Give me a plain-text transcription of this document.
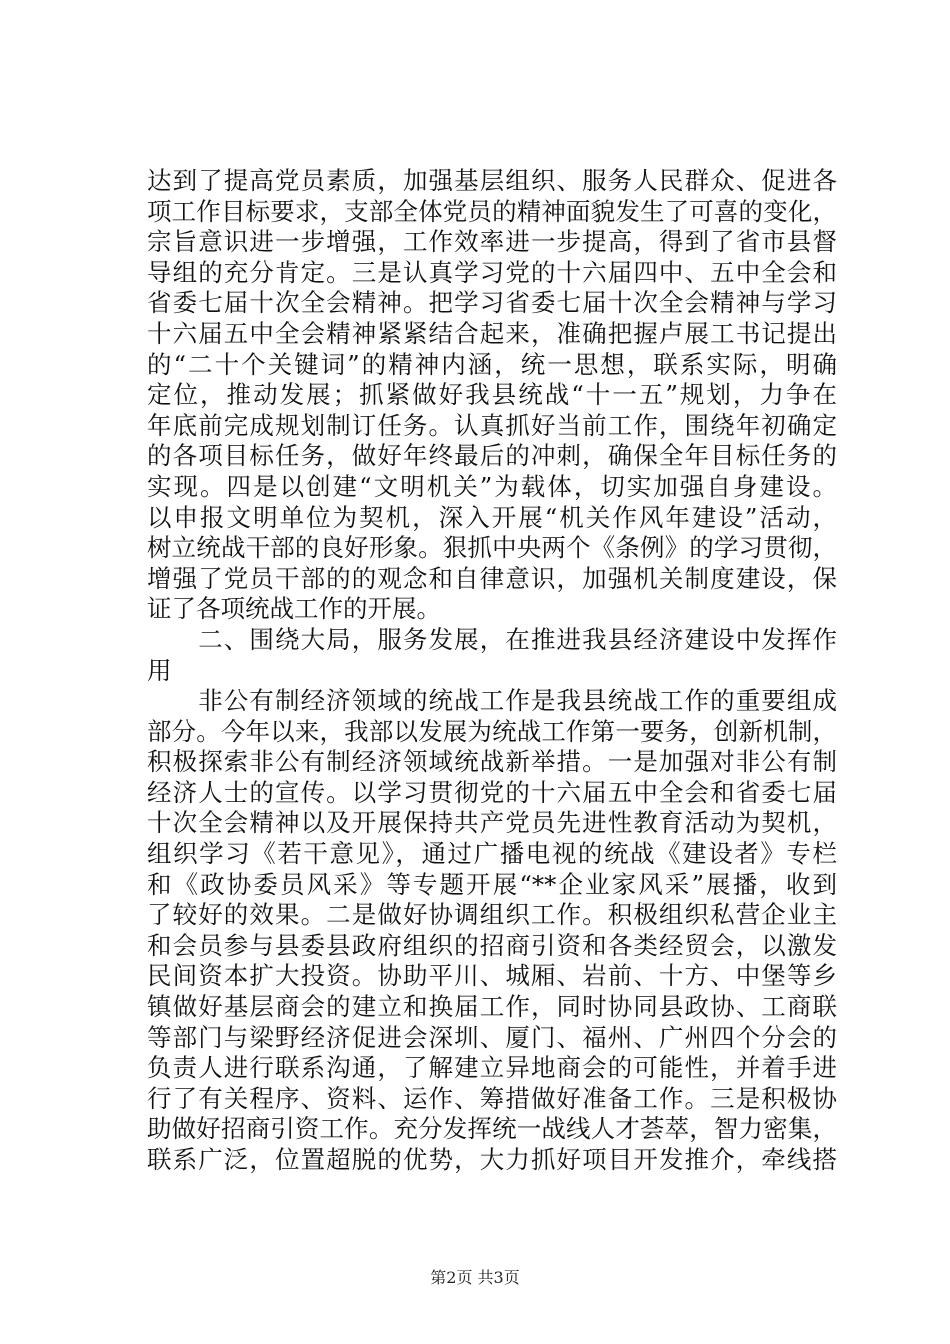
达到了提高党员素质，加强基层组织、服务人民群众、促进各
项工作目标要求，支部全体党员的精神面貌发生了可喜的变化，
宗旨意识进一步增强，工作效率进一步提高，得到了省市县督
导组的充分肯定。三是认真学习党的十六届四中、五中全会和
省委七届十次全会精神。把学习省委七届十次全会精神与学习
十六届五中全会精神紧紧结合起来，准确把握卢展工书记提出
的“二十个关键词”的精神内涵，统一思想，联系实际，明确
定位，推动发展；抓紧做好我县统战“十一五”规划，力争在
年底前完成规划制订任务。认真抓好当前工作，围绕年初确定
的各项目标任务，做好年终最后的冲刺，确保全年目标任务的
实现。四是以创建“文明机关”为载体，切实加强自身建设。
以申报文明单位为契机，深入开展“机关作风年建设”活动，
树立统战干部的良好形象。狠抓中央两个《条例》的学习贯彻，
增强了党员干部的的观念和自律意识，加强机关制度建设，保
证了各项统战工作的开展。
　　二、围绕大局，服务发展，在推进我县经济建设中发挥作
用
　　非公有制经济领域的统战工作是我县统战工作的重要组成
部分。今年以来，我部以发展为统战工作第一要务，创新机制，
积极探索非公有制经济领域统战新举措。一是加强对非公有制
经济人士的宣传。以学习贯彻党的十六届五中全会和省委七届
十次全会精神以及开展保持共产党员先进性教育活动为契机，
组织学习《若干意见》，通过广播电视的统战《建设者》专栏
和《政协委员风采》等专题开展“**企业家风采”展播，收到
了较好的效果。二是做好协调组织工作。积极组织私营企业主
和会员参与县委县政府组织的招商引资和各类经贸会，以激发
民间资本扩大投资。协助平川、城厢、岩前、十方、中堡等乡
镇做好基层商会的建立和换届工作，同时协同县政协、工商联
等部门与梁野经济促进会深圳、厦门、福州、广州四个分会的
负责人进行联系沟通，了解建立异地商会的可能性，并着手进
行了有关程序、资料、运作、筹措做好准备工作。三是积极协
助做好招商引资工作。充分发挥统一战线人才荟萃，智力密集，
联系广泛，位置超脱的优势，大力抓好项目开发推介，牵线搭
第2页 共3页
